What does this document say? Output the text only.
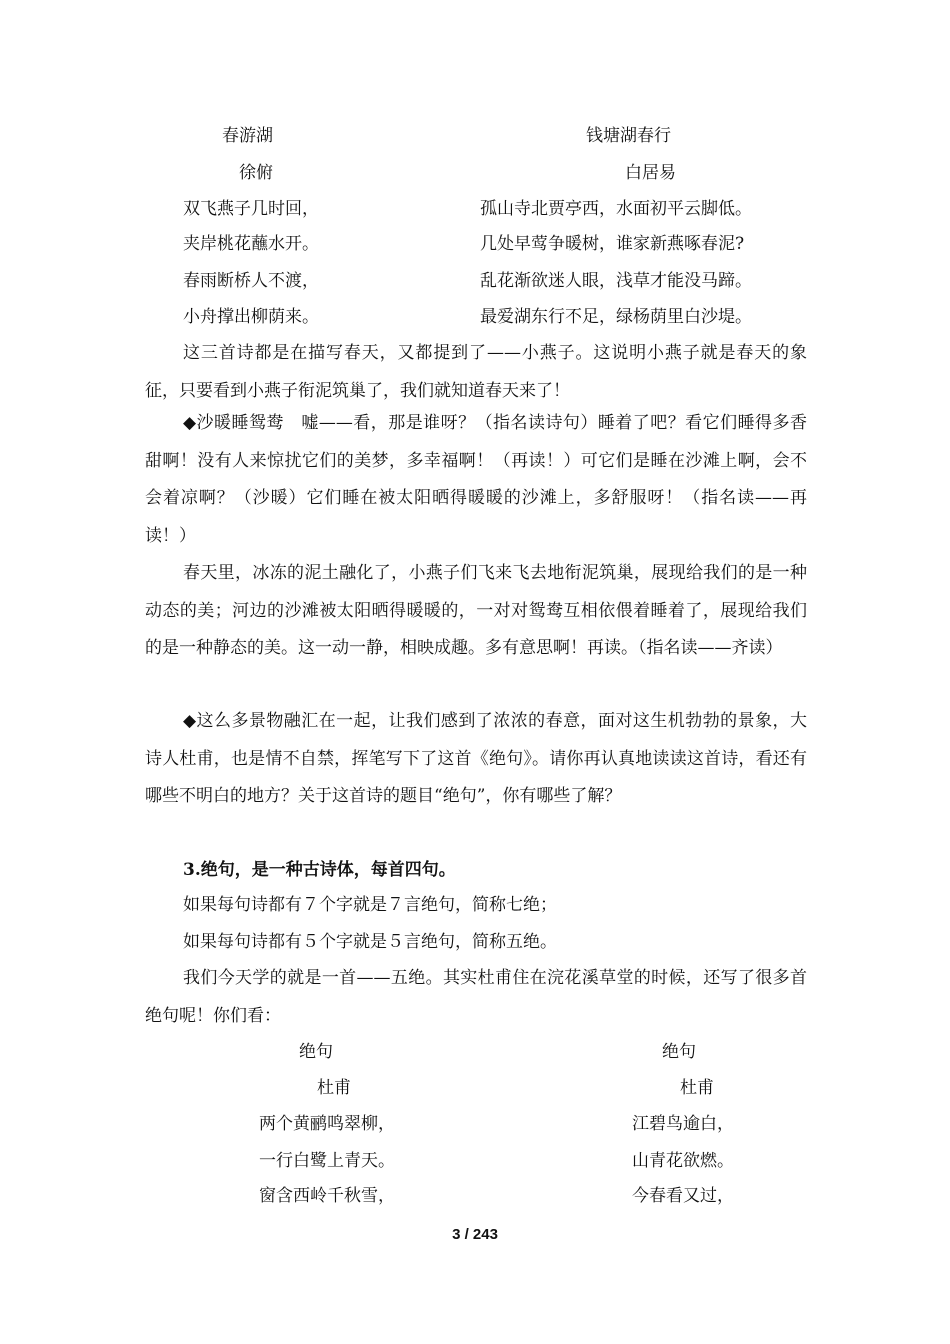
春游湖
徐俯
双飞燕子几时回，
夹岸桃花蘸水开。
春雨断桥人不渡，
小舟撑出柳荫来。
钱塘湖春行
白居易
孤山寺北贾亭西，水面初平云脚低。
几处早莺争暖树，谁家新燕啄春泥?
乱花渐欲迷人眼，浅草才能没马蹄。
最爱湖东行不足，绿杨荫里白沙堤。
这三首诗都是在描写春天，又都提到了——小燕子。这说明小燕子就是春天的象征，只要看到小燕子衔泥筑巢了，我们就知道春天来了！
◆沙暖睡鸳鸯　嘘——看，那是谁呀？（指名读诗句）睡着了吧？看它们睡得多香甜啊！没有人来惊扰它们的美梦，多幸福啊！（再读！）可它们是睡在沙滩上啊，会不会着凉啊？（沙暖）它们睡在被太阳晒得暖暖的沙滩上，多舒服呀！（指名读——再读！）
春天里，冰冻的泥土融化了，小燕子们飞来飞去地衔泥筑巢，展现给我们的是一种动态的美；河边的沙滩被太阳晒得暖暖的，一对对鸳鸯互相依偎着睡着了，展现给我们的是一种静态的美。这一动一静，相映成趣。多有意思啊！再读。（指名读——齐读）
◆这么多景物融汇在一起，让我们感到了浓浓的春意，面对这生机勃勃的景象，大诗人杜甫，也是情不自禁，挥笔写下了这首《绝句》。请你再认真地读读这首诗，看还有哪些不明白的地方？关于这首诗的题目“绝句”，你有哪些了解？
3.绝句，是一种古诗体，每首四句。
如果每句诗都有７个字就是７言绝句，简称七绝；
如果每句诗都有５个字就是５言绝句，简称五绝。
我们今天学的就是一首——五绝。其实杜甫住在浣花溪草堂的时候，还写了很多首绝句呢！你们看：
绝句
杜甫
两个黄鹂鸣翠柳，
一行白鹭上青天。
窗含西岭千秋雪，
绝句
杜甫
江碧鸟逾白，
山青花欲燃。
今春看又过，
3 / 243
